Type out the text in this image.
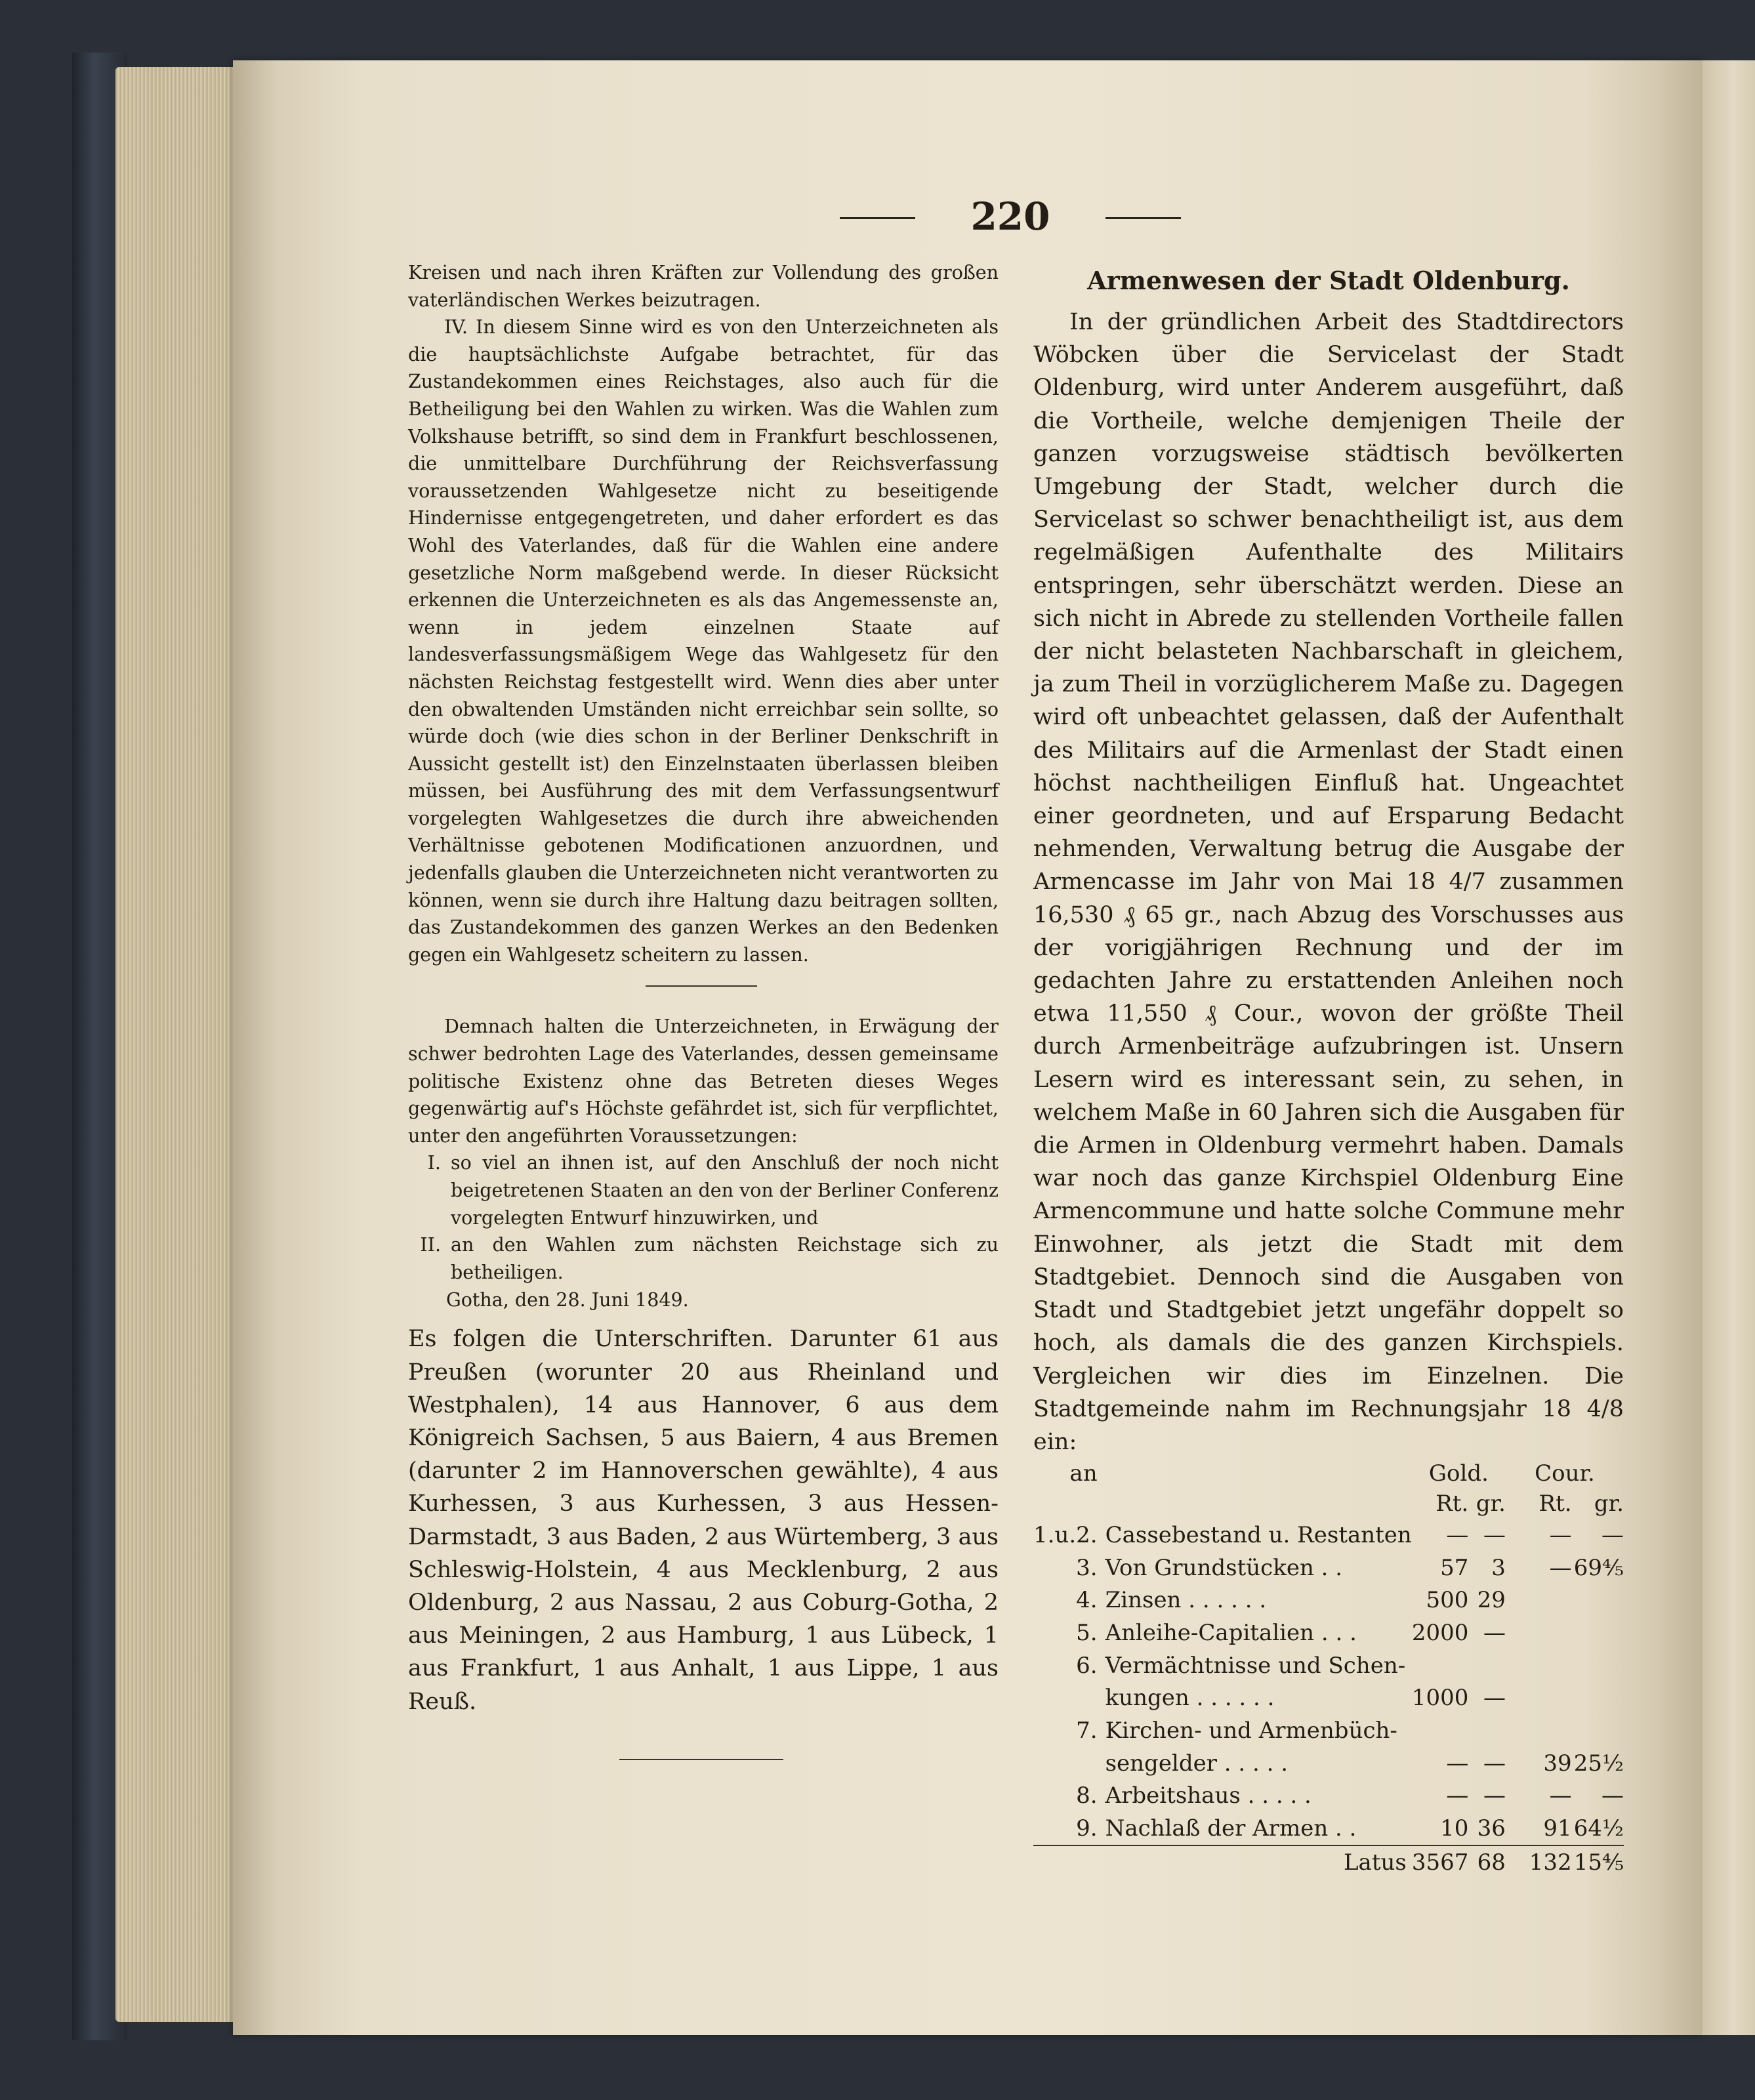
220

Kreisen und nach ihren Kräften zur Vollendung des großen vaterländischen Werkes beizutragen.

IV. In diesem Sinne wird es von den Unterzeichneten als die hauptsächlichste Aufgabe betrachtet, für das Zustandekommen eines Reichstages, also auch für die Betheiligung bei den Wahlen zu wirken. Was die Wahlen zum Volkshause betrifft, so sind dem in Frankfurt beschlossenen, die unmittelbare Durchführung der Reichsverfassung voraussetzenden Wahlgesetze nicht zu beseitigende Hindernisse entgegengetreten, und daher erfordert es das Wohl des Vaterlandes, daß für die Wahlen eine andere gesetzliche Norm maßgebend werde. In dieser Rücksicht erkennen die Unterzeichneten es als das Angemessenste an, wenn in jedem einzelnen Staate auf landesverfassungsmäßigem Wege das Wahlgesetz für den nächsten Reichstag festgestellt wird. Wenn dies aber unter den obwaltenden Umständen nicht erreichbar sein sollte, so würde doch (wie dies schon in der Berliner Denkschrift in Aussicht gestellt ist) den Einzelnstaaten überlassen bleiben müssen, bei Ausführung des mit dem Verfassungsentwurf vorgelegten Wahlgesetzes die durch ihre abweichenden Verhältnisse gebotenen Modificationen anzuordnen, und jedenfalls glauben die Unterzeichneten nicht verantworten zu können, wenn sie durch ihre Haltung dazu beitragen sollten, das Zustandekommen des ganzen Werkes an den Bedenken gegen ein Wahlgesetz scheitern zu lassen.

Demnach halten die Unterzeichneten, in Erwägung der schwer bedrohten Lage des Vaterlandes, dessen gemeinsame politische Existenz ohne das Betreten dieses Weges gegenwärtig auf's Höchste gefährdet ist, sich für verpflichtet, unter den angeführten Voraussetzungen:

I. so viel an ihnen ist, auf den Anschluß der noch nicht beigetretenen Staaten an den von der Berliner Conferenz vorgelegten Entwurf hinzuwirken, und
II. an den Wahlen zum nächsten Reichstage sich zu betheiligen.
Gotha, den 28. Juni 1849.

Es folgen die Unterschriften. Darunter 61 aus Preußen (worunter 20 aus Rheinland und Westphalen), 14 aus Hannover, 6 aus dem Königreich Sachsen, 5 aus Baiern, 4 aus Bremen (darunter 2 im Hannoverschen gewählte), 4 aus Kurhessen, 3 aus Kurhessen, 3 aus Hessen-Darmstadt, 3 aus Baden, 2 aus Würtemberg, 3 aus Schleswig-Holstein, 4 aus Mecklenburg, 2 aus Oldenburg, 2 aus Nassau, 2 aus Coburg-Gotha, 2 aus Meiningen, 2 aus Hamburg, 1 aus Lübeck, 1 aus Frankfurt, 1 aus Anhalt, 1 aus Lippe, 1 aus Reuß.

Armenwesen der Stadt Oldenburg.

In der gründlichen Arbeit des Stadtdirectors Wöbcken über die Servicelast der Stadt Oldenburg, wird unter Anderem ausgeführt, daß die Vortheile, welche demjenigen Theile der ganzen vorzugsweise städtisch bevölkerten Umgebung der Stadt, welcher durch die Servicelast so schwer benachtheiligt ist, aus dem regelmäßigen Aufenthalte des Militairs entspringen, sehr überschätzt werden. Diese an sich nicht in Abrede zu stellenden Vortheile fallen der nicht belasteten Nachbarschaft in gleichem, ja zum Theil in vorzüglicherem Maße zu. Dagegen wird oft unbeachtet gelassen, daß der Aufenthalt des Militairs auf die Armenlast der Stadt einen höchst nachtheiligen Einfluß hat. Ungeachtet einer geordneten, und auf Ersparung Bedacht nehmenden, Verwaltung betrug die Ausgabe der Armencasse im Jahr von Mai 18 4/7 zusammen 16,530 ₰ 65 gr., nach Abzug des Vorschusses aus der vorigjährigen Rechnung und der im gedachten Jahre zu erstattenden Anleihen noch etwa 11,550 ₰ Cour., wovon der größte Theil durch Armenbeiträge aufzubringen ist. Unsern Lesern wird es interessant sein, zu sehen, in welchem Maße in 60 Jahren sich die Ausgaben für die Armen in Oldenburg vermehrt haben. Damals war noch das ganze Kirchspiel Oldenburg Eine Armencommune und hatte solche Commune mehr Einwohner, als jetzt die Stadt mit dem Stadtgebiet. Dennoch sind die Ausgaben von Stadt und Stadtgebiet jetzt ungefähr doppelt so hoch, als damals die des ganzen Kirchspiels. Vergleichen wir dies im Einzelnen. Die Stadtgemeinde nahm im Rechnungsjahr 18 4/8 ein:

an		Gold.		Cour.	
		Rt.	gr.	Rt.	gr.
1.u.2.	Cassebestand u. Restanten	—	—	—	—
3.	Von Grundstücken . .	57	3	—	69⅘
4.	Zinsen . . . . . .	500	29		
5.	Anleihe-Capitalien . . .	2000	—		
6.	Vermächtnisse und Schen-				
	kungen . . . . . .	1000	—		
7.	Kirchen- und Armenbüch-				
	sengelder . . . . .	—	—	39	25½
8.	Arbeitshaus . . . . .	—	—	—	—
9.	Nachlaß der Armen . .	10	36	91	64½
	Latus	3567	68	132	15⅘
